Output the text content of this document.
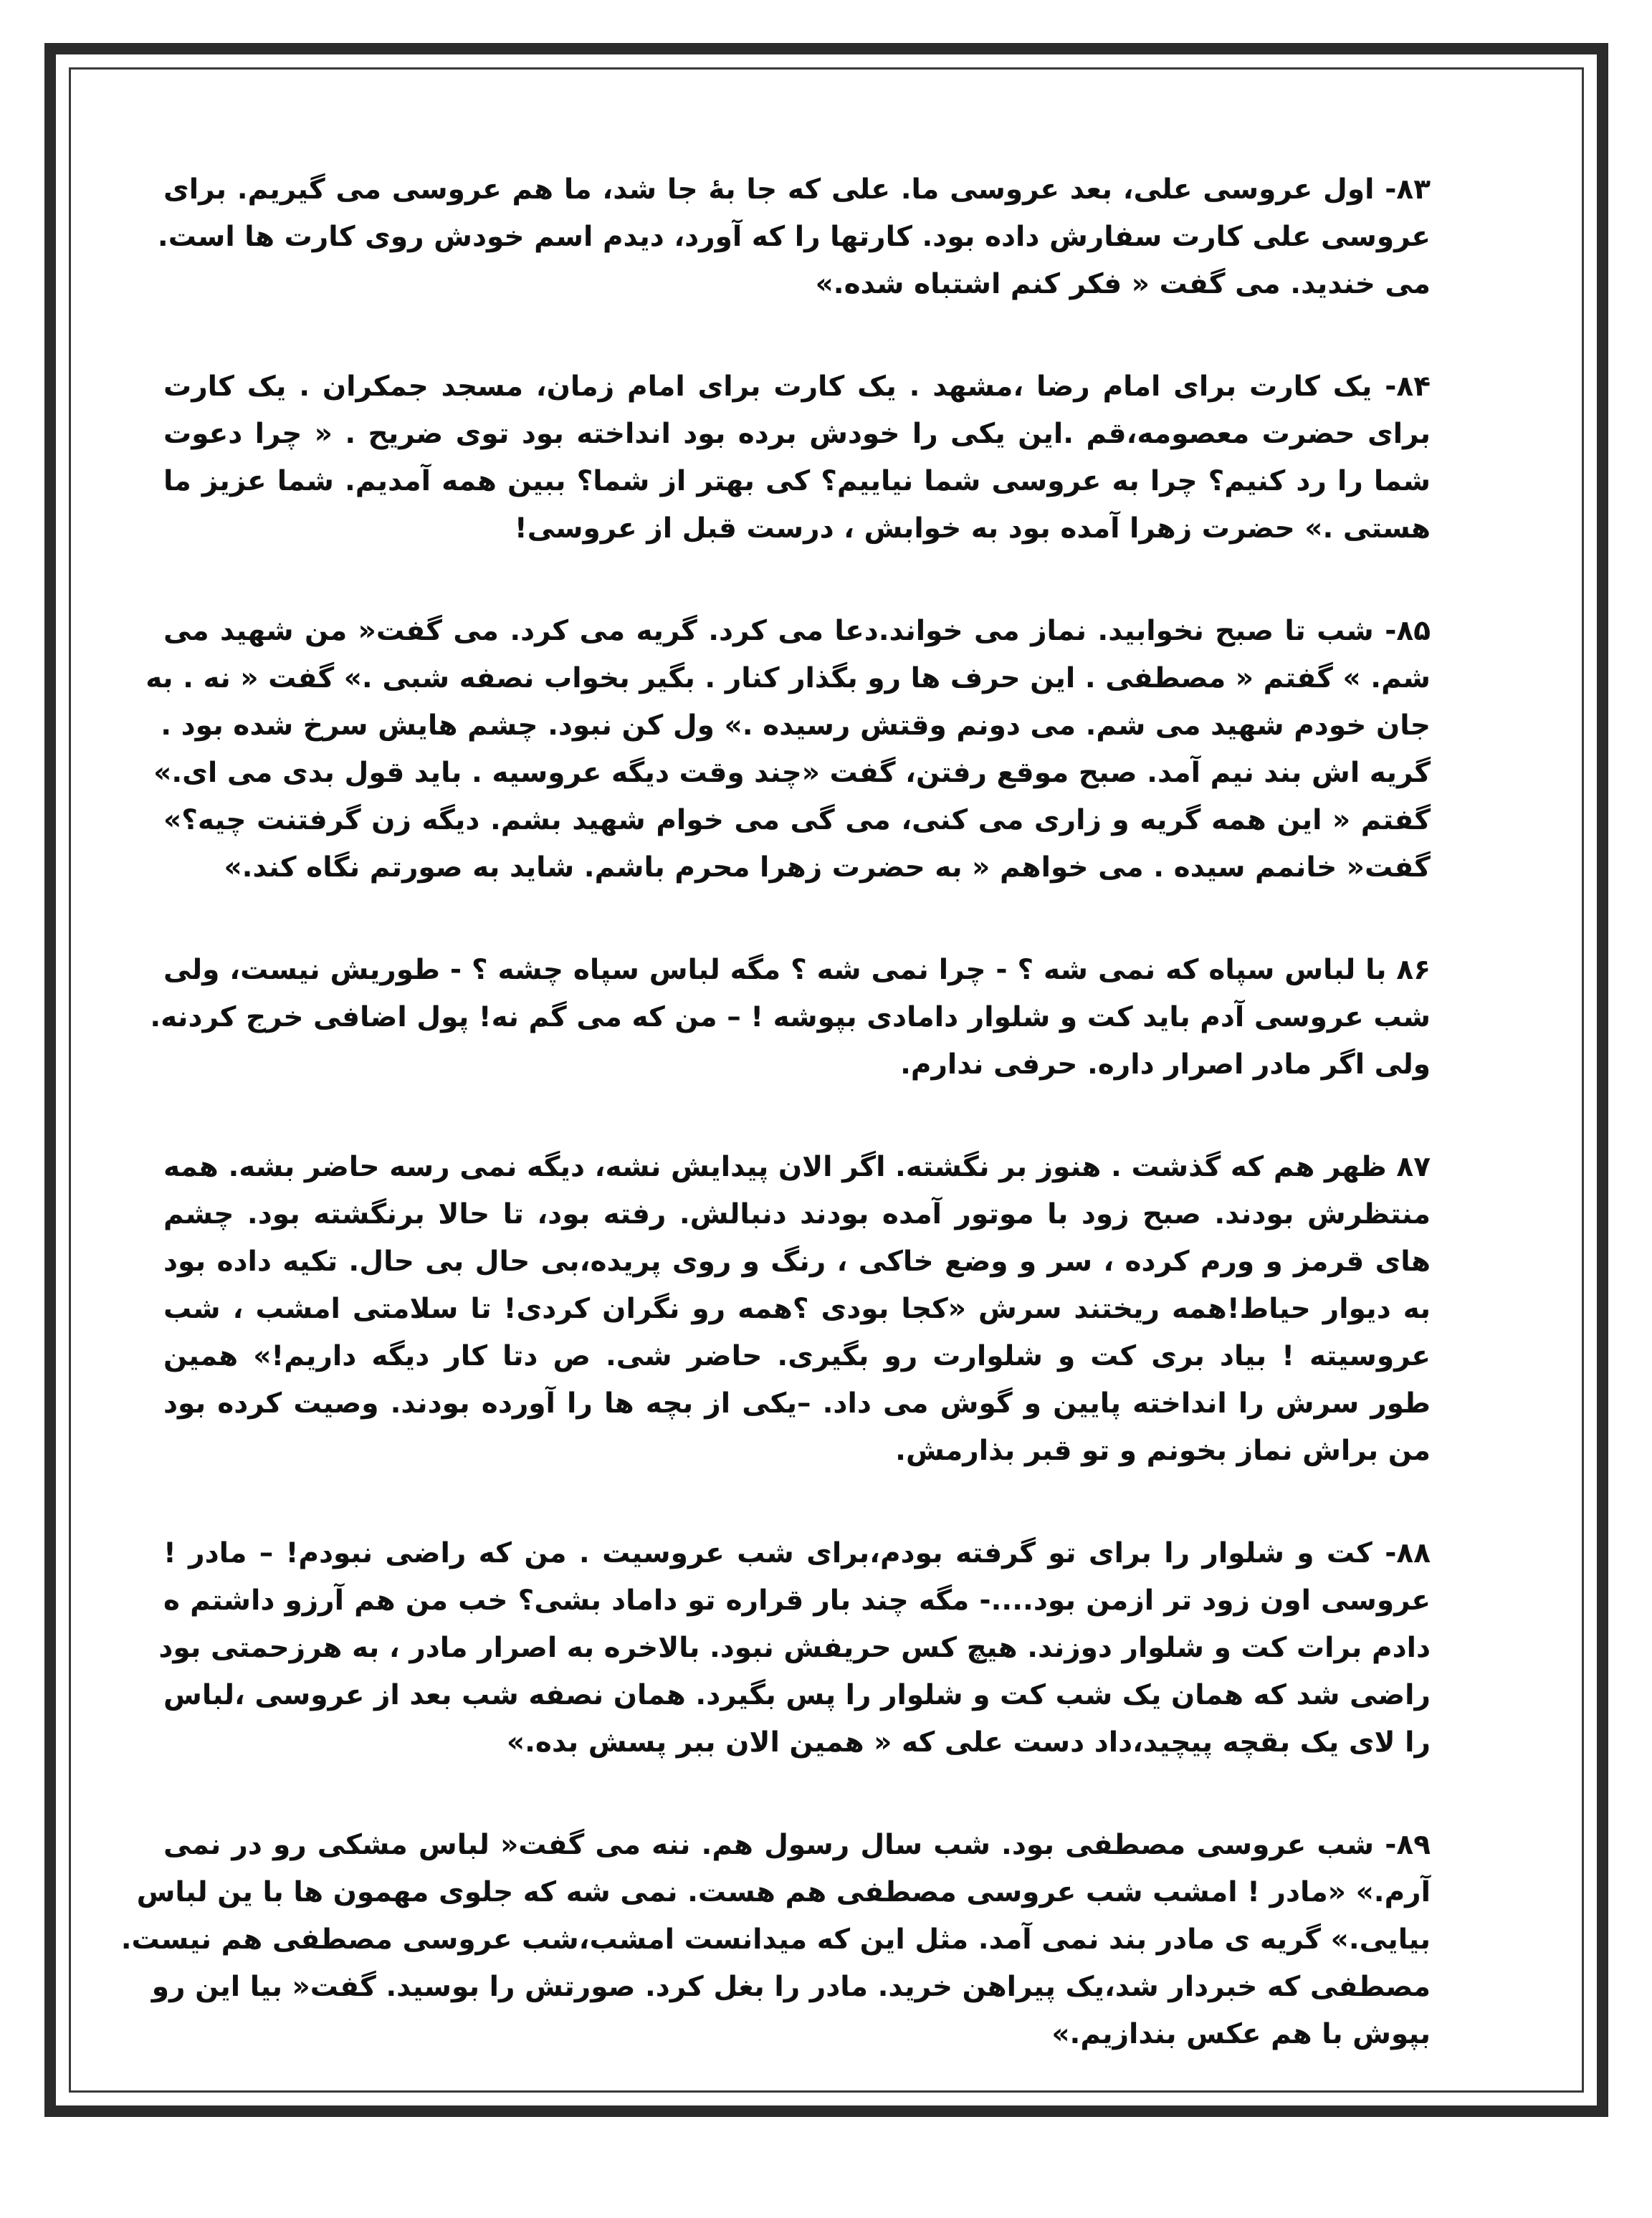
۸۳- اول عروسی علی، بعد عروسی ما. علی که جا بهٔ جا شد، ما هم عروسی می گیریم. برای
عروسی علی کارت سفارش داده بود. کارتها را که آورد، دیدم اسم خودش روی کارت ها است.
می خندید. می گفت « فکر کنم اشتباه شده.»
۸۴- یک کارت برای امام رضا ،مشهد . یک کارت برای امام زمان، مسجد جمکران . یک کارت
برای حضرت معصومه،قم .این یکی را خودش برده بود انداخته بود توی ضریح . « چرا دعوت
شما را رد کنیم؟ چرا به عروسی شما نیاییم؟ کی بهتر از شما؟ ببین همه آمدیم. شما عزیز ما
هستی .» حضرت زهرا آمده بود به خوابش ، درست قبل از عروسی!
۸۵- شب تا صبح نخوابید. نماز می خواند.دعا می کرد. گریه می کرد. می گفت« من شهید می
شم. » گفتم « مصطفی . این حرف ها رو بگذار کنار . بگیر بخواب نصفه شبی .» گفت « نه . به
جان خودم شهید می شم. می دونم وقتش رسیده .» ول کن نبود. چشم هایش سرخ شده بود .
گریه اش بند نیم آمد. صبح موقع رفتن، گفت «چند وقت دیگه عروسیه . باید قول بدی می ای.»
گفتم « این همه گریه و زاری می کنی، می گی می خوام شهید بشم. دیگه زن گرفتنت چیه؟»
گفت« خانمم سیده . می خواهم « به حضرت زهرا محرم باشم. شاید به صورتم نگاه کند.»
۸۶ با لباس سپاه که نمی شه ؟ - چرا نمی شه ؟ مگه لباس سپاه چشه ؟ - طوریش نیست، ولی
شب عروسی آدم باید کت و شلوار دامادی بپوشه ! – من که می گم نه! پول اضافی خرج کردنه.
ولی اگر مادر اصرار داره. حرفی ندارم.
۸۷ ظهر هم که گذشت . هنوز بر نگشته. اگر الان پیدایش نشه، دیگه نمی رسه حاضر بشه. همه
منتظرش بودند. صبح زود با موتور آمده بودند دنبالش. رفته بود، تا حالا برنگشته بود. چشم
های قرمز و ورم کرده ، سر و وضع خاکی ، رنگ و روی پریده،بی حال بی حال. تکیه داده بود
به دیوار حیاط!همه ریختند سرش «کجا بودی ؟همه رو نگران کردی! تا سلامتی امشب ، شب
عروسیته ! بیاد بری کت و شلوارت رو بگیری. حاضر شی. ص دتا کار دیگه داریم!» همین
طور سرش را انداخته پایین و گوش می داد. –یکی از بچه ها را آورده بودند. وصیت کرده بود
من براش نماز بخونم و تو قبر بذارمش.
۸۸- کت و شلوار را برای تو گرفته بودم،برای شب عروسیت . من که راضی نبودم! – مادر !
عروسی اون زود تر ازمن بود....- مگه چند بار قراره تو داماد بشی؟ خب من هم آرزو داشتم ه
دادم برات کت و شلوار دوزند. هیچ کس حریفش نبود. بالاخره به اصرار مادر ، به هرزحمتی بود
راضی شد که همان یک شب کت و شلوار را پس بگیرد. همان نصفه شب بعد از عروسی ،لباس
را لای یک بقچه پیچید،داد دست علی که « همین الان ببر پسش بده.»
۸۹- شب عروسی مصطفی بود. شب سال رسول هم. ننه می گفت« لباس مشکی رو در نمی
آرم.» «مادر ! امشب شب عروسی مصطفی هم هست. نمی شه که جلوی مهمون ها با ین لباس
بیایی.» گریه ی مادر بند نمی آمد. مثل این که میدانست امشب،شب عروسی مصطفی هم نیست.
مصطفی که خبردار شد،یک پیراهن خرید. مادر را بغل کرد. صورتش را بوسید. گفت« بیا این رو
بپوش با هم عکس بندازیم.»
